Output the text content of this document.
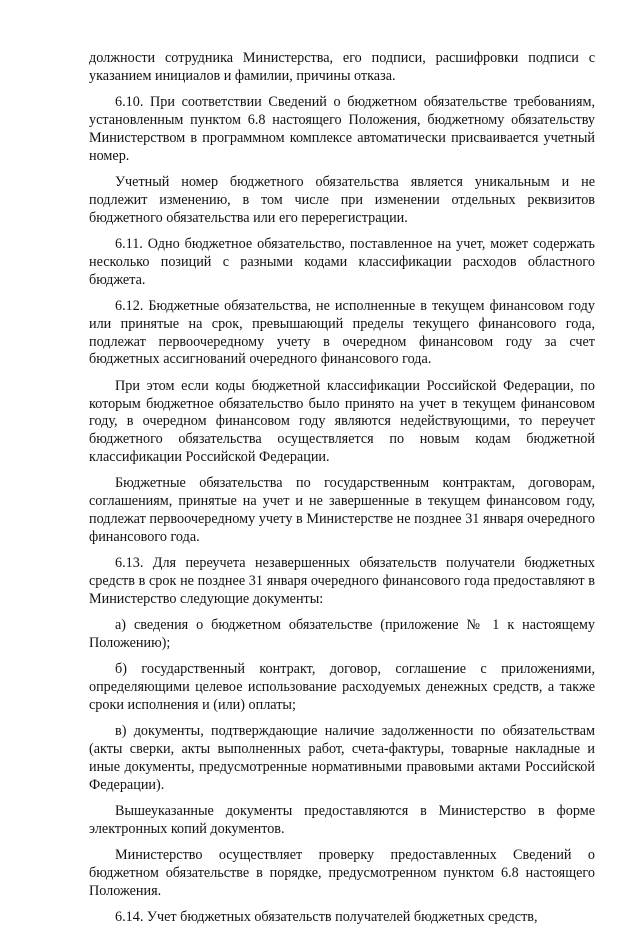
должности сотрудника Министерства, его подписи, расшифровки подписи с указанием инициалов и фамилии, причины отказа.

6.10. При соответствии Сведений о бюджетном обязательстве требованиям, установленным пунктом 6.8 настоящего Положения, бюджетному обязательству Министерством в программном комплексе автоматически присваивается учетный номер.

Учетный номер бюджетного обязательства является уникальным и не подлежит изменению, в том числе при изменении отдельных реквизитов бюджетного обязательства или его перерегистрации.

6.11. Одно бюджетное обязательство, поставленное на учет, может содержать несколько позиций с разными кодами классификации расходов областного бюджета.

6.12. Бюджетные обязательства, не исполненные в текущем финансовом году или принятые на срок, превышающий пределы текущего финансового года, подлежат первоочередному учету в очередном финансовом году за счет бюджетных ассигнований очередного финансового года.

При этом если коды бюджетной классификации Российской Федерации, по которым бюджетное обязательство было принято на учет в текущем финансовом году, в очередном финансовом году являются недействующими, то переучет бюджетного обязательства осуществляется по новым кодам бюджетной классификации Российской Федерации.

Бюджетные обязательства по государственным контрактам, договорам, соглашениям, принятые на учет и не завершенные в текущем финансовом году, подлежат первоочередному учету в Министерстве не позднее 31 января очередного финансового года.

6.13. Для переучета незавершенных обязательств получатели бюджетных средств в срок не позднее 31 января очередного финансового года предоставляют в Министерство следующие документы:

а) сведения о бюджетном обязательстве (приложение № 1 к настоящему Положению);

б) государственный контракт, договор, соглашение с приложениями, определяющими целевое использование расходуемых денежных средств, а также сроки исполнения и (или) оплаты;

в) документы, подтверждающие наличие задолженности по обязательствам (акты сверки, акты выполненных работ, счета-фактуры, товарные накладные и иные документы, предусмотренные нормативными правовыми актами Российской Федерации).

Вышеуказанные документы предоставляются в Министерство в форме электронных копий документов.

Министерство осуществляет проверку предоставленных Сведений о бюджетном обязательстве в порядке, предусмотренном пунктом 6.8 настоящего Положения.

6.14. Учет бюджетных обязательств получателей бюджетных средств,
